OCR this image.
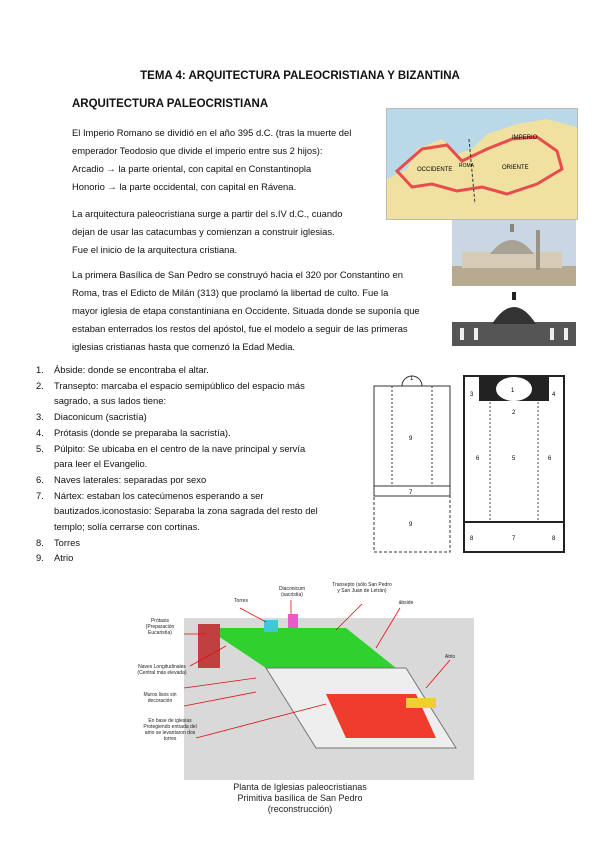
TEMA 4: ARQUITECTURA PALEOCRISTIANA Y BIZANTINA
ARQUITECTURA PALEOCRISTIANA
El Imperio Romano se dividió en el año 395 d.C. (tras la muerte del
emperador Teodosio que divide el imperio entre sus 2 hijos):
Arcadio → la parte oriental, con capital en Constantinopla
Honorio → la parte occidental, con capital en Rávena.
La arquitectura paleocristiana surge a partir del s.IV d.C., cuando
dejan de usar las catacumbas y comienzan a construir iglesias.
Fue el inicio de la arquitectura cristiana.
La primera Basílica de San Pedro se construyó hacia el 320 por Constantino en
Roma, tras el Edicto de Milán (313) que proclamó la libertad de culto. Fue la
mayor iglesia de etapa constantiniana en Occidente. Situada donde se suponía que
estaban enterrados los restos del apóstol, fue el modelo a seguir de las primeras
iglesias cristianas hasta que comenzó la Edad Media.
1. Ábside: donde se encontraba el altar.
2. Transepto: marcaba el espacio semipúblico del espacio más
sagrado, a sus lados tiene:
3. Diaconicum (sacristía)
4. Prótasis (donde se preparaba la sacristía).
5. Púlpito: Se ubicaba en el centro de la nave principal y servía
para leer el Evangelio.
6. Naves laterales: separadas por sexo
7. Nártex: estaban los catecúmenos esperando a ser
bautizados.iconostasio: Separaba la zona sagrada del resto del
templo; solía cerrarse con cortinas.
8. Torres
9. Atrio
IMPERIO
OCCIDENTE	ORIENTE
ROMA
1
9
7
9
1
3	4
5
6	6
7
8	8
2
Torres
Diaconicum (sacristía)
Transepto (sólo San Pedro y San Juan de Letrán)
ábside
Prótasis (Preparación Eucaristía)
Naves Longitudinales (Central más elevada)
Muros lisos sin decoración
Atrio
En base de iglesias Protegiendo entrada del atrio se levantaron dos torres
Planta de Iglesias paleocristianas
Primitiva basílica de San Pedro
(reconstrucción)
